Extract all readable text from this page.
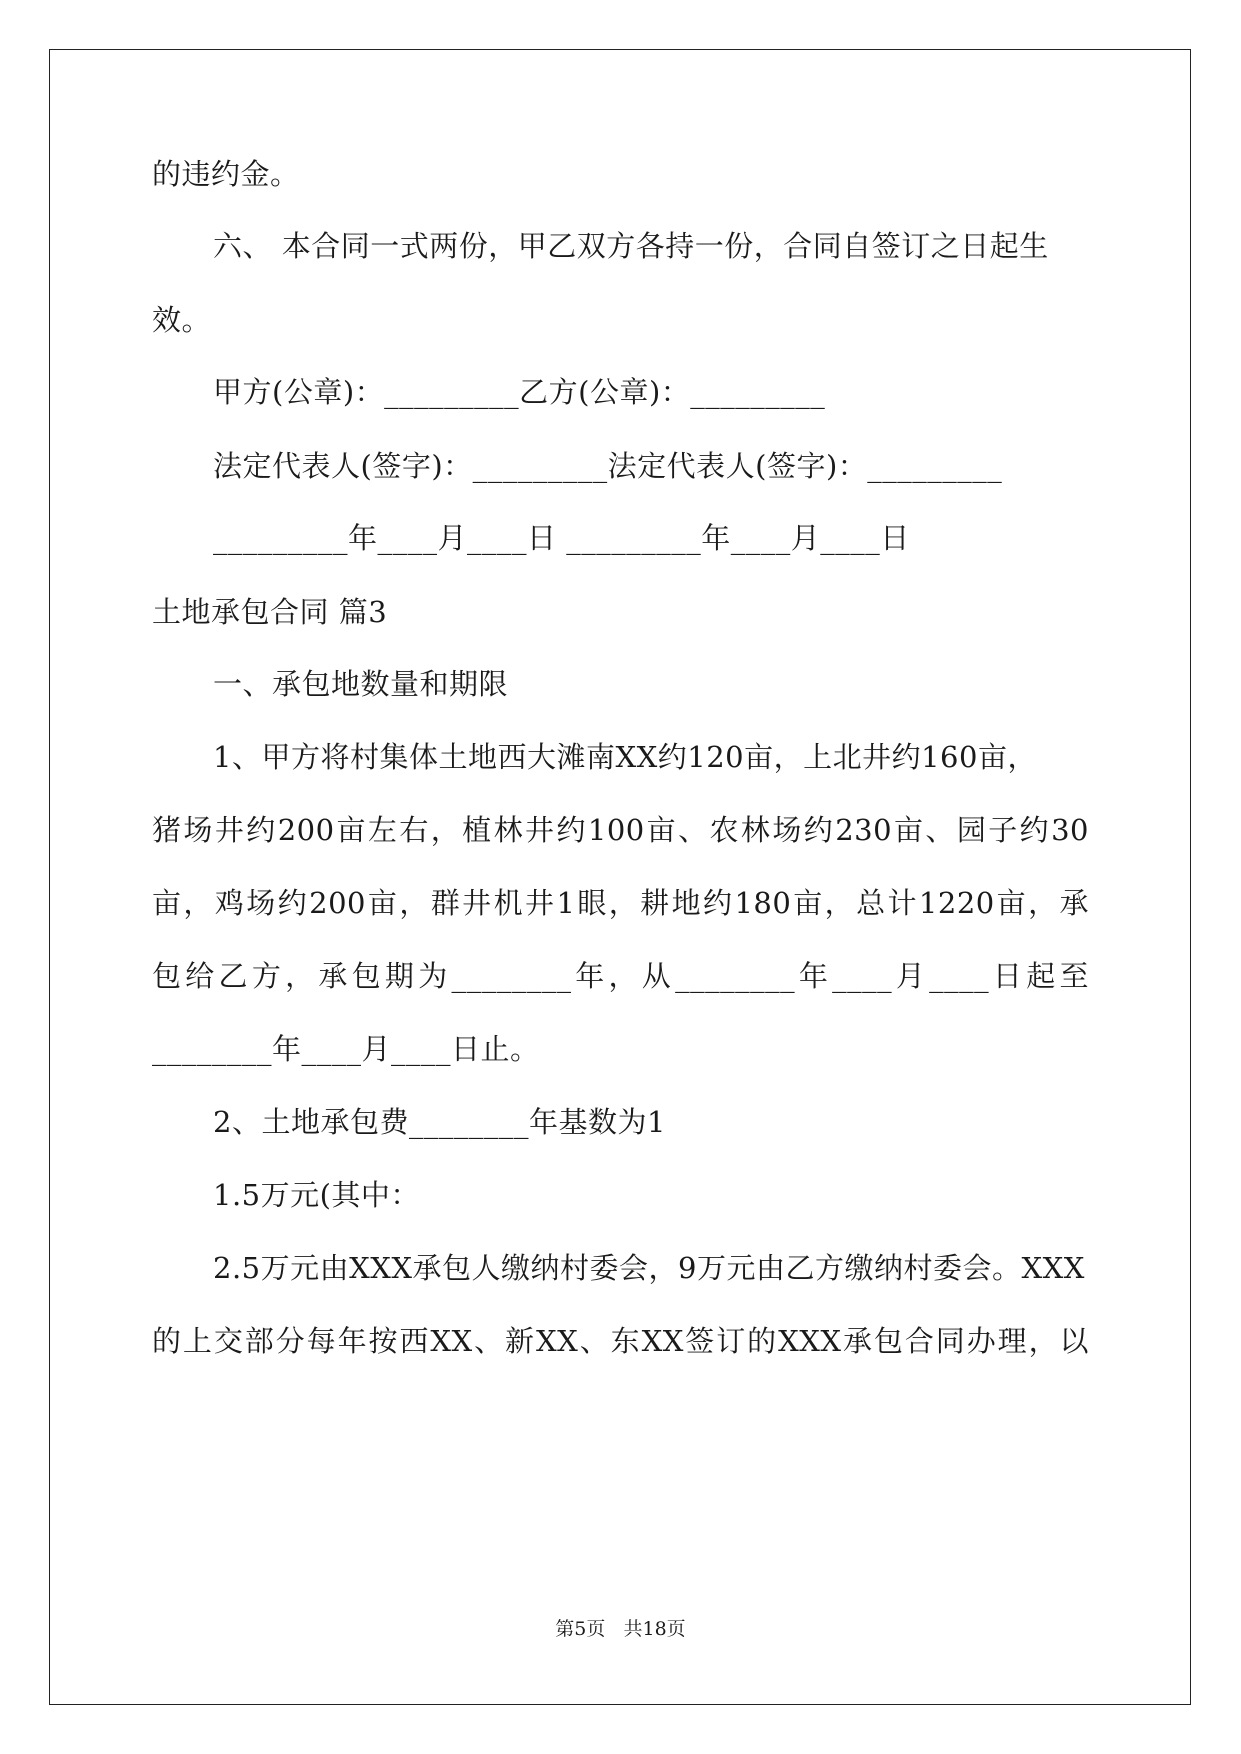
的违约金。
六、 本合同一式两份，甲乙双方各持一份，合同自签订之日起生
效。
甲方(公章)：_________乙方(公章)：_________
法定代表人(签字)：_________法定代表人(签字)：_________
_________年____月____日 _________年____月____日
土地承包合同 篇3
一、承包地数量和期限
1、甲方将村集体土地西大滩南XX约120亩，上北井约160亩，
猪场井约200亩左右，植林井约100亩、农林场约230亩、园子约30
亩，鸡场约200亩，群井机井1眼，耕地约180亩，总计1220亩，承
包给乙方，承包期为________年，从________年____月____日起至
________年____月____日止。
2、土地承包费________年基数为1
1.5万元(其中：
2.5万元由XXX承包人缴纳村委会，9万元由乙方缴纳村委会。XXX
的上交部分每年按西XX、新XX、东XX签订的XXX承包合同办理，以
第5页   共18页
